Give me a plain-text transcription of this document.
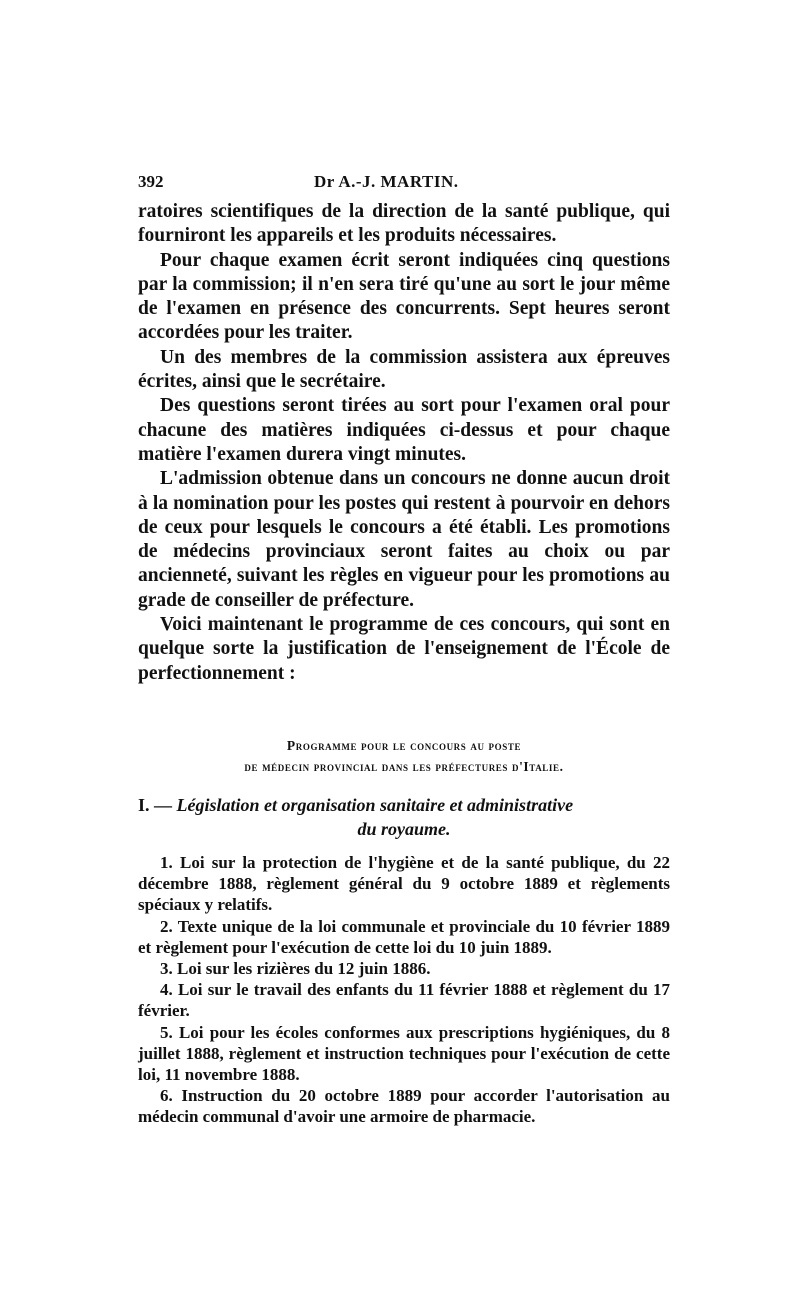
392	Dr A.-J. MARTIN.

ratoires scientifiques de la direction de la santé publique, qui fourniront les appareils et les produits nécessaires.

Pour chaque examen écrit seront indiquées cinq questions par la commission; il n'en sera tiré qu'une au sort le jour même de l'examen en présence des concurrents. Sept heures seront accordées pour les traiter.

Un des membres de la commission assistera aux épreuves écrites, ainsi que le secrétaire.

Des questions seront tirées au sort pour l'examen oral pour chacune des matières indiquées ci-dessus et pour chaque matière l'examen durera vingt minutes.

L'admission obtenue dans un concours ne donne aucun droit à la nomination pour les postes qui restent à pourvoir en dehors de ceux pour lesquels le concours a été établi. Les promotions de médecins provinciaux seront faites au choix ou par ancienneté, suivant les règles en vigueur pour les promotions au grade de conseiller de préfecture.

Voici maintenant le programme de ces concours, qui sont en quelque sorte la justification de l'enseignement de l'École de perfectionnement :

Programme pour le concours au poste
de médecin provincial dans les préfectures d'Italie.

I. — Législation et organisation sanitaire et administrative

du royaume.

1. Loi sur la protection de l'hygiène et de la santé publique, du 22 décembre 1888, règlement général du 9 octobre 1889 et règlements spéciaux y relatifs.

2. Texte unique de la loi communale et provinciale du 10 février 1889 et règlement pour l'exécution de cette loi du 10 juin 1889.

3. Loi sur les rizières du 12 juin 1886.

4. Loi sur le travail des enfants du 11 février 1888 et règlement du 17 février.

5. Loi pour les écoles conformes aux prescriptions hygiéniques, du 8 juillet 1888, règlement et instruction techniques pour l'exécution de cette loi, 11 novembre 1888.

6. Instruction du 20 octobre 1889 pour accorder l'autorisation au médecin communal d'avoir une armoire de pharmacie.
